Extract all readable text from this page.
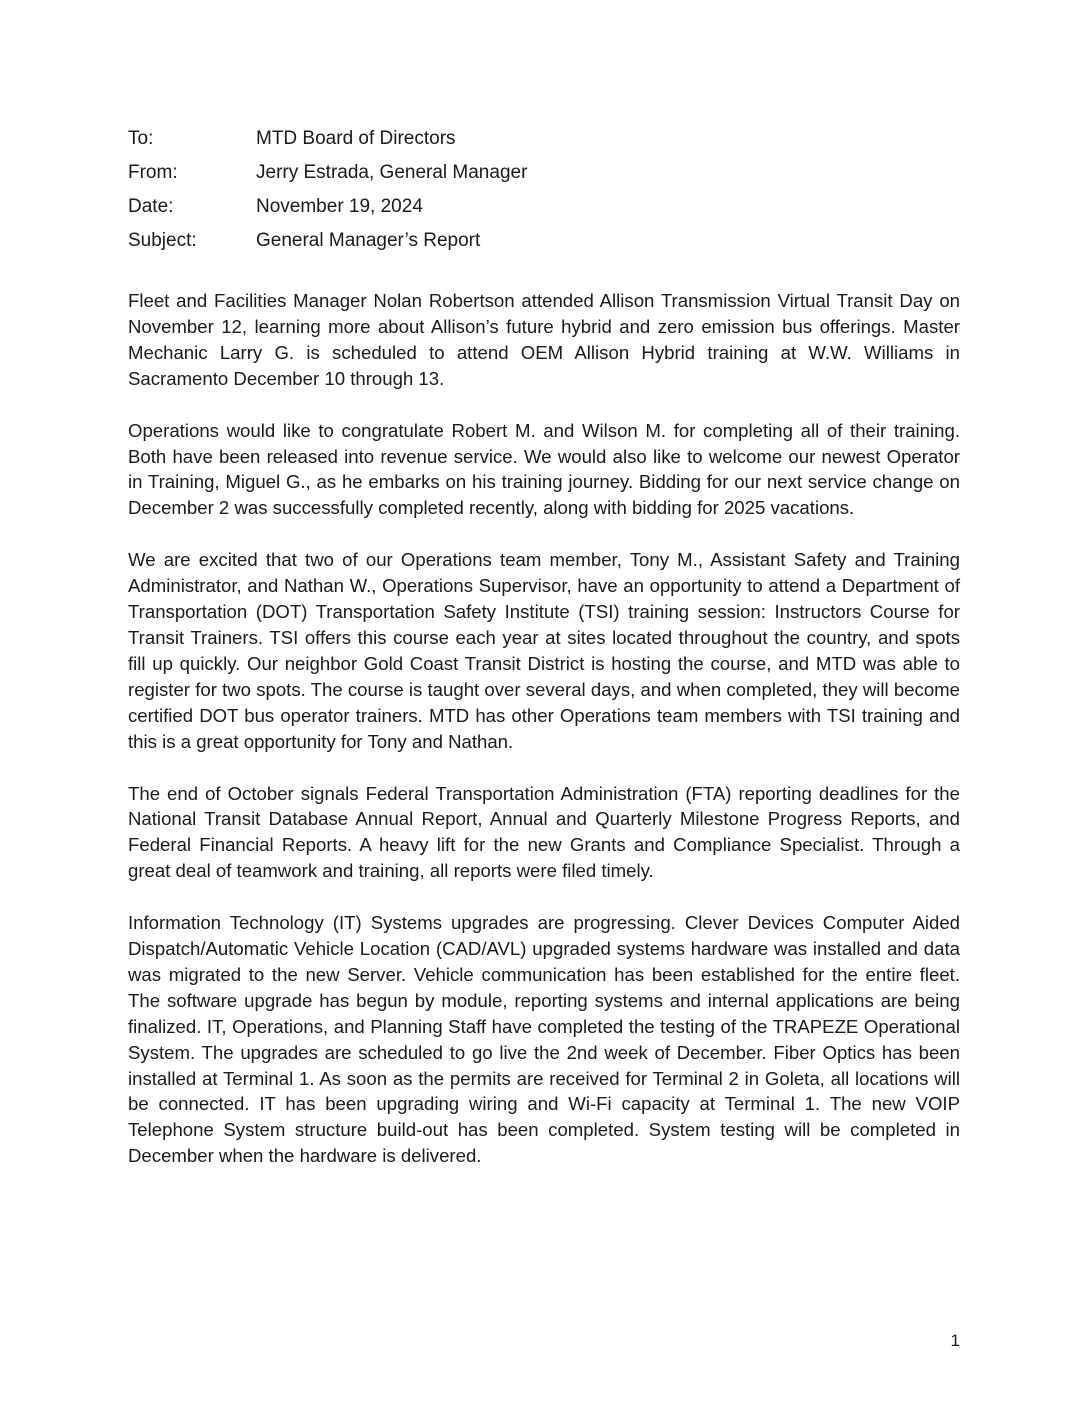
To:	MTD Board of Directors
From:	Jerry Estrada, General Manager
Date:	November 19, 2024
Subject:	General Manager’s Report

Fleet and Facilities Manager Nolan Robertson attended Allison Transmission Virtual Transit Day on November 12, learning more about Allison’s future hybrid and zero emission bus offerings. Master Mechanic Larry G. is scheduled to attend OEM Allison Hybrid training at W.W. Williams in Sacramento December 10 through 13.

Operations would like to congratulate Robert M. and Wilson M. for completing all of their training. Both have been released into revenue service. We would also like to welcome our newest Operator in Training, Miguel G., as he embarks on his training journey. Bidding for our next service change on December 2 was successfully completed recently, along with bidding for 2025 vacations.

We are excited that two of our Operations team member, Tony M., Assistant Safety and Training Administrator, and Nathan W., Operations Supervisor, have an opportunity to attend a Department of Transportation (DOT) Transportation Safety Institute (TSI) training session: Instructors Course for Transit Trainers. TSI offers this course each year at sites located throughout the country, and spots fill up quickly. Our neighbor Gold Coast Transit District is hosting the course, and MTD was able to register for two spots. The course is taught over several days, and when completed, they will become certified DOT bus operator trainers. MTD has other Operations team members with TSI training and this is a great opportunity for Tony and Nathan.

The end of October signals Federal Transportation Administration (FTA) reporting deadlines for the National Transit Database Annual Report, Annual and Quarterly Milestone Progress Reports, and Federal Financial Reports. A heavy lift for the new Grants and Compliance Specialist. Through a great deal of teamwork and training, all reports were filed timely.

Information Technology (IT) Systems upgrades are progressing. Clever Devices Computer Aided Dispatch/Automatic Vehicle Location (CAD/AVL) upgraded systems hardware was installed and data was migrated to the new Server. Vehicle communication has been established for the entire fleet. The software upgrade has begun by module, reporting systems and internal applications are being finalized. IT, Operations, and Planning Staff have completed the testing of the TRAPEZE Operational System. The upgrades are scheduled to go live the 2nd week of December. Fiber Optics has been installed at Terminal 1. As soon as the permits are received for Terminal 2 in Goleta, all locations will be connected. IT has been upgrading wiring and Wi-Fi capacity at Terminal 1. The new VOIP Telephone System structure build-out has been completed. System testing will be completed in December when the hardware is delivered.

1
